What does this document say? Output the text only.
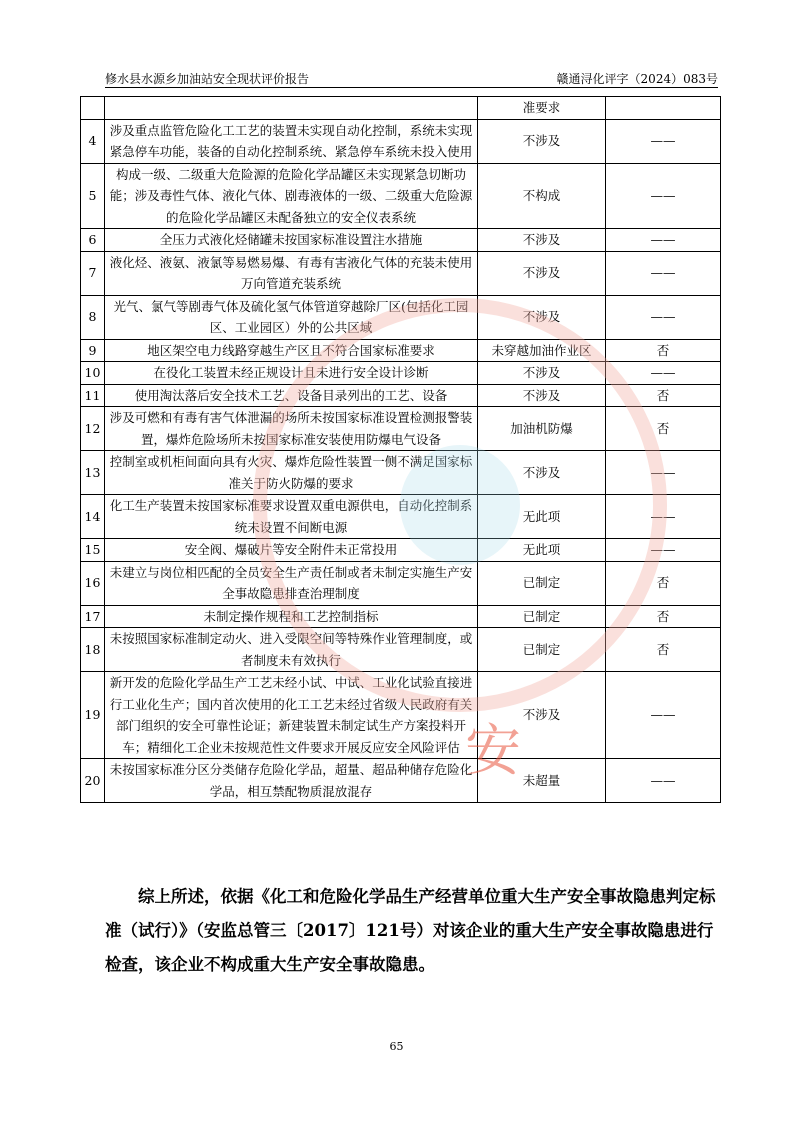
修水县水源乡加油站安全现状评价报告	赣通浔化评字（2024）083号
		准要求	
4	涉及重点监管危险化工工艺的装置未实现自动化控制，系统未实现紧急停车功能，装备的自动化控制系统、紧急停车系统未投入使用	不涉及	——
5	构成一级、二级重大危险源的危险化学品罐区未实现紧急切断功能；涉及毒性气体、液化气体、剧毒液体的一级、二级重大危险源的危险化学品罐区未配备独立的安全仪表系统	不构成	——
6	全压力式液化烃储罐未按国家标准设置注水措施	不涉及	——
7	液化烃、液氨、液氯等易燃易爆、有毒有害液化气体的充装未使用万向管道充装系统	不涉及	——
8	光气、氯气等剧毒气体及硫化氢气体管道穿越除厂区(包括化工园区、工业园区）外的公共区域	不涉及	——
9	地区架空电力线路穿越生产区且不符合国家标准要求	未穿越加油作业区	否
10	在役化工装置未经正规设计且未进行安全设计诊断	不涉及	——
11	使用淘汰落后安全技术工艺、设备目录列出的工艺、设备	不涉及	否
12	涉及可燃和有毒有害气体泄漏的场所未按国家标准设置检测报警装置，爆炸危险场所未按国家标准安装使用防爆电气设备	加油机防爆	否
13	控制室或机柜间面向具有火灾、爆炸危险性装置一侧不满足国家标准关于防火防爆的要求	不涉及	——
14	化工生产装置未按国家标准要求设置双重电源供电，自动化控制系统未设置不间断电源	无此项	——
15	安全阀、爆破片等安全附件未正常投用	无此项	——
16	未建立与岗位相匹配的全员安全生产责任制或者未制定实施生产安全事故隐患排查治理制度	已制定	否
17	未制定操作规程和工艺控制指标	已制定	否
18	未按照国家标准制定动火、进入受限空间等特殊作业管理制度，或者制度未有效执行	已制定	否
19	新开发的危险化学品生产工艺未经小试、中试、工业化试验直接进行工业化生产；国内首次使用的化工工艺未经过省级人民政府有关部门组织的安全可靠性论证；新建装置未制定试生产方案投料开车；精细化工企业未按规范性文件要求开展反应安全风险评估	不涉及	——
20	未按国家标准分区分类储存危险化学品，超量、超品种储存危险化学品，相互禁配物质混放混存	未超量	——
综上所述，依据《化工和危险化学品生产经营单位重大生产安全事故隐患判定标准（试行）》（安监总管三〔2017〕121号）对该企业的重大生产安全事故隐患进行检查，该企业不构成重大生产安全事故隐患。
安
65
